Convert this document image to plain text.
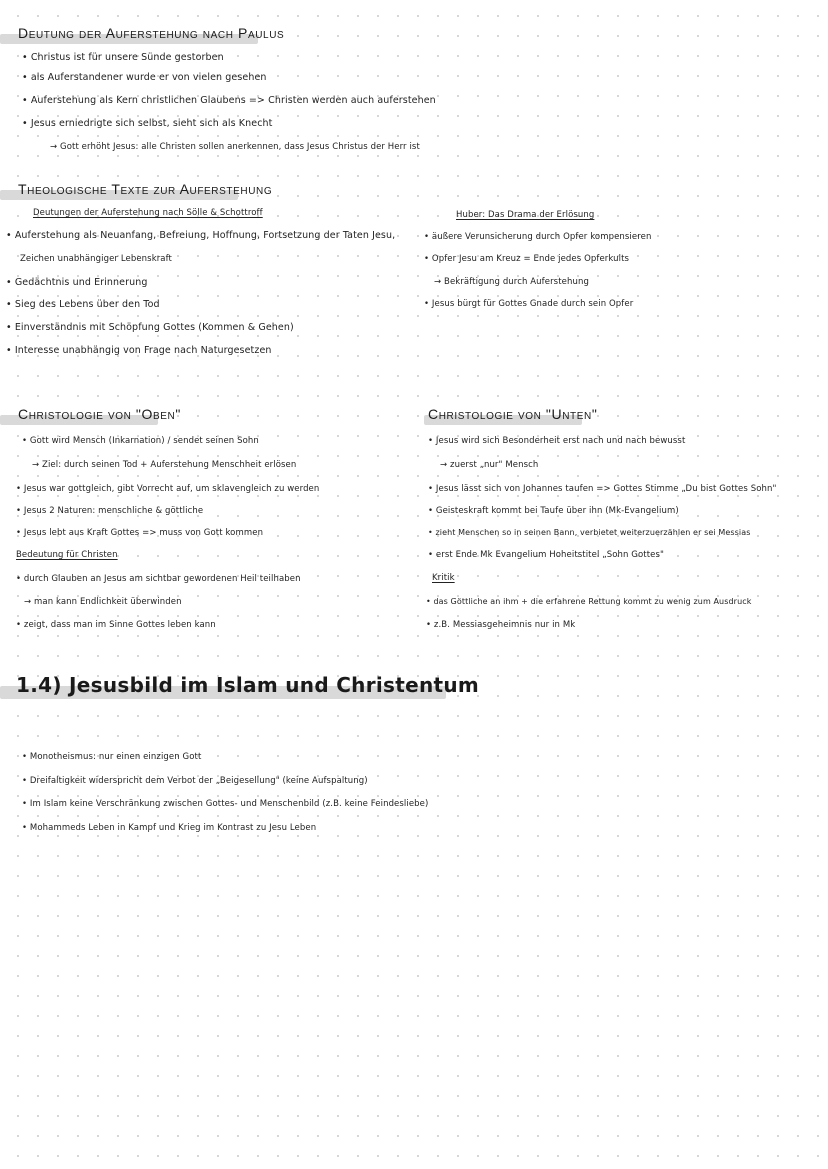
Deutung der Auferstehung nach Paulus
• Christus ist für unsere Sünde gestorben
• als Auferstandener wurde er von vielen gesehen
• Auferstehung als Kern christlichen Glaubens => Christen werden auch auferstehen
• Jesus erniedrigte sich selbst, sieht sich als Knecht
→ Gott erhöht Jesus: alle Christen sollen anerkennen, dass Jesus Christus der Herr ist
Theologische Texte zur Auferstehung
Deutungen der Auferstehung nach Sölle & Schottroff
• Auferstehung als Neuanfang, Befreiung, Hoffnung, Fortsetzung der Taten Jesu,
Zeichen unabhängiger Lebenskraft
• Gedächtnis und Erinnerung
• Sieg des Lebens über den Tod
• Einverständnis mit Schöpfung Gottes (Kommen & Gehen)
• Interesse unabhängig von Frage nach Naturgesetzen
Huber: Das Drama der Erlösung
• äußere Verunsicherung durch Opfer kompensieren
• Opfer Jesu am Kreuz = Ende jedes Opferkults
→ Bekräftigung durch Auferstehung
• Jesus bürgt für Gottes Gnade durch sein Opfer
Christologie von "Oben"
• Gott wird Mensch (Inkarnation) / sendet seinen Sohn
→ Ziel: durch seinen Tod + Auferstehung Menschheit erlösen
• Jesus war gottgleich, gibt Vorrecht auf, um sklavengleich zu werden
• Jesus 2 Naturen: menschliche & göttliche
• Jesus lebt aus Kraft Gottes => muss von Gott kommen
Bedeutung für Christen
• durch Glauben an Jesus am sichtbar gewordenen Heil teilhaben
→ man kann Endlichkeit überwinden
• zeigt, dass man im Sinne Gottes leben kann
Christologie von "Unten"
• Jesus wird sich Besonderheit erst nach und nach bewusst
→ zuerst „nur" Mensch
• Jesus lässt sich von Johannes taufen => Gottes Stimme „Du bist Gottes Sohn"
• Geisteskraft kommt bei Taufe über ihn (Mk-Evangelium)
• zieht Menschen so in seinen Bann, verbietet weiterzuerzählen er sei Messias
• erst Ende Mk Evangelium Hoheitstitel „Sohn Gottes"
Kritik
• das Göttliche an ihm + die erfahrene Rettung kommt zu wenig zum Ausdruck
• z.B. Messiasgeheimnis nur in Mk
1.4) Jesusbild im Islam und Christentum
• Monotheismus: nur einen einzigen Gott
• Dreifaltigkeit widerspricht dem Verbot der „Beigesellung" (keine Aufspaltung)
• Im Islam keine Verschränkung zwischen Gottes- und Menschenbild (z.B. keine Feindesliebe)
• Mohammeds Leben in Kampf und Krieg im Kontrast zu Jesu Leben
